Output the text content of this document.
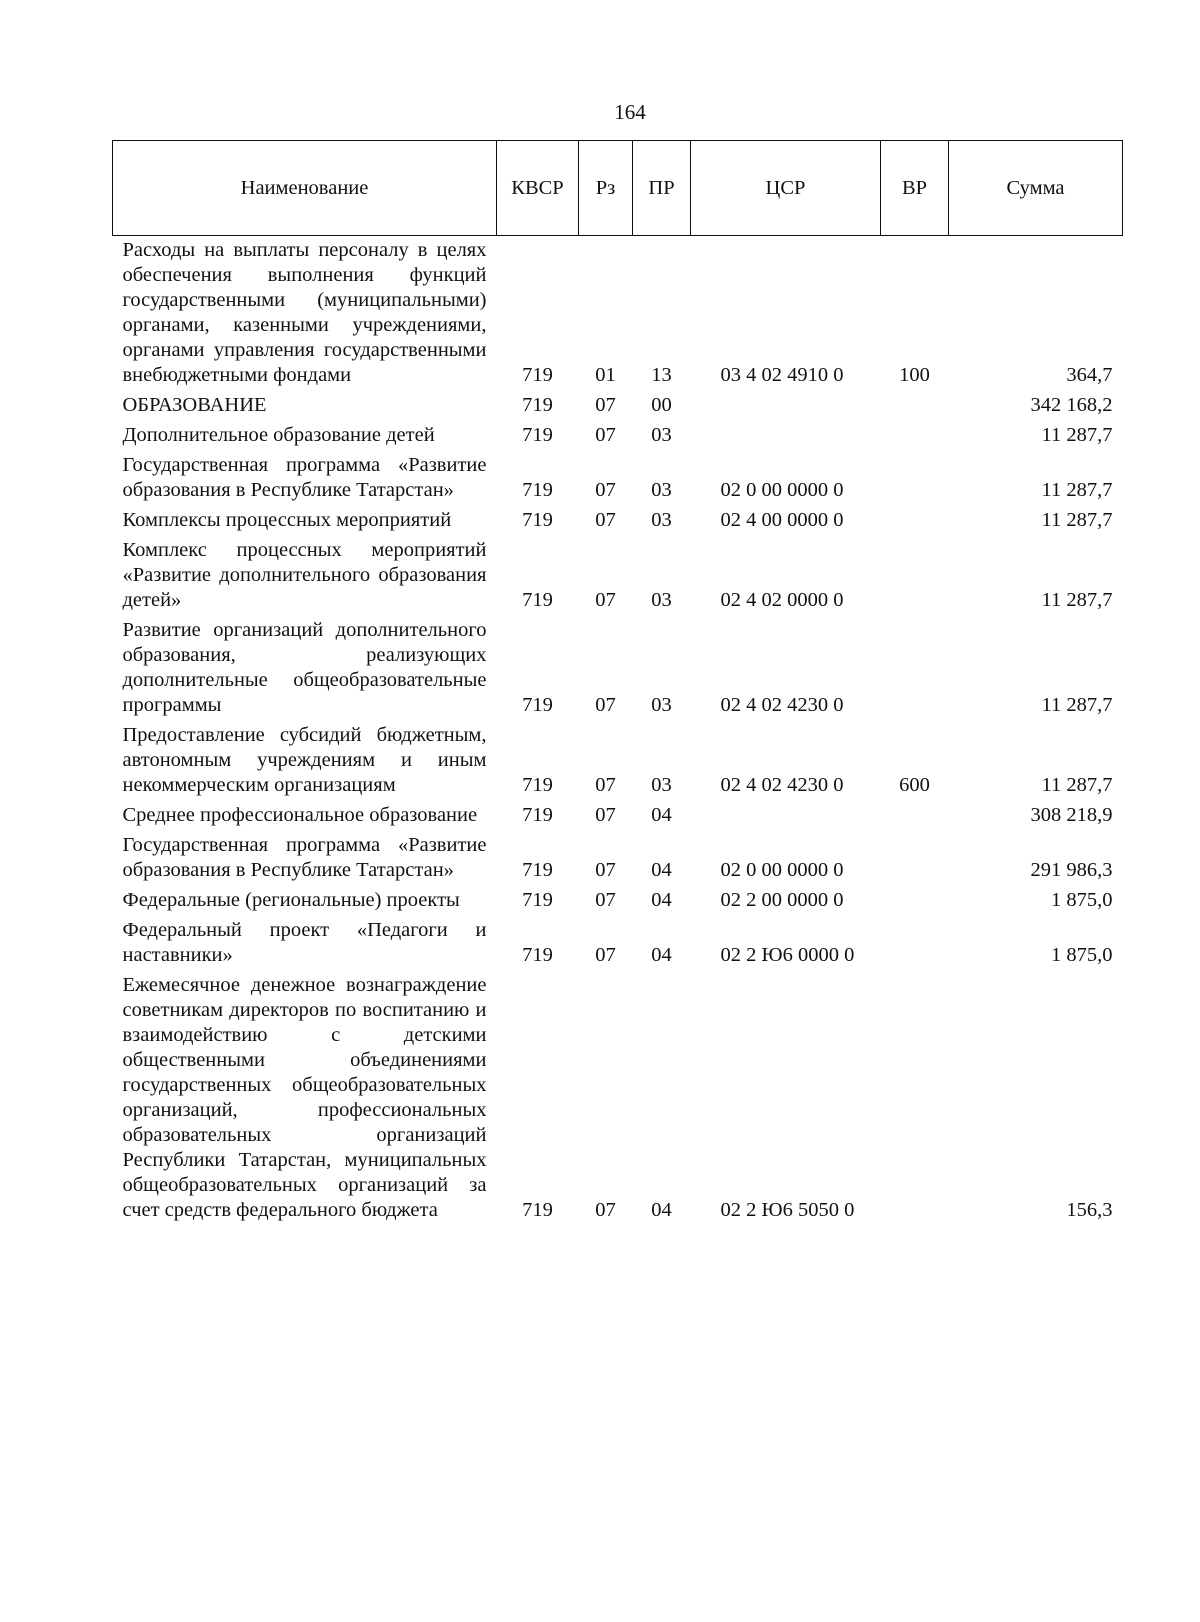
164
Наименование	КВСР	Рз	ПР	ЦСР	ВР	Сумма
Расходы на выплаты персоналу в целях обеспечения выполнения функций государственными (муниципальными) органами, казенными учреждениями, органами управления государственными внебюджетными фондами	719	01	13	03 4 02 4910 0	100	364,7
ОБРАЗОВАНИЕ	719	07	00			342 168,2
Дополнительное образование детей	719	07	03			11 287,7
Государственная программа «Развитие образования в Республике Татарстан»	719	07	03	02 0 00 0000 0		11 287,7
Комплексы процессных мероприятий	719	07	03	02 4 00 0000 0		11 287,7
Комплекс процессных мероприятий «Развитие дополнительного образования детей»	719	07	03	02 4 02 0000 0		11 287,7
Развитие организаций дополнительного образования, реализующих дополнительные общеобразовательные программы	719	07	03	02 4 02 4230 0		11 287,7
Предоставление субсидий бюджетным, автономным учреждениям и иным некоммерческим организациям	719	07	03	02 4 02 4230 0	600	11 287,7
Среднее профессиональное образование	719	07	04			308 218,9
Государственная программа «Развитие образования в Республике Татарстан»	719	07	04	02 0 00 0000 0		291 986,3
Федеральные (региональные) проекты	719	07	04	02 2 00 0000 0		1 875,0
Федеральный проект «Педагоги и наставники»	719	07	04	02 2 Ю6 0000 0		1 875,0
Ежемесячное денежное вознаграждение советникам директоров по воспитанию и взаимодействию с детскими общественными объединениями государственных общеобразовательных организаций, профессиональных образовательных организаций Республики Татарстан, муниципальных общеобразовательных организаций за счет средств федерального бюджета	719	07	04	02 2 Ю6 5050 0		156,3
